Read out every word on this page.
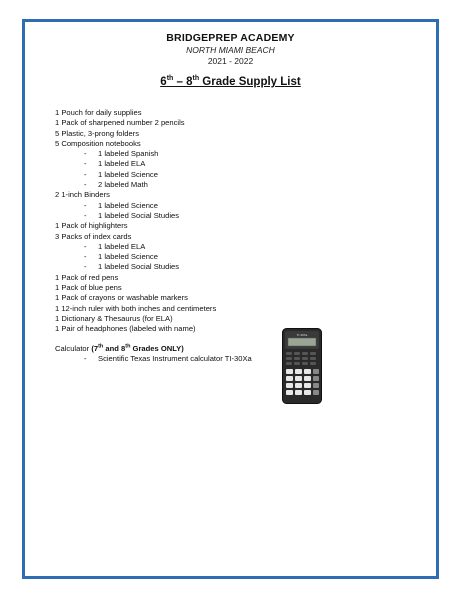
BRIDGEPREP ACADEMY
NORTH MIAMI BEACH
2021 - 2022
6th – 8th Grade Supply List
1 Pouch for daily supplies
1 Pack of sharpened number 2 pencils
5 Plastic, 3-prong folders
5 Composition notebooks
- 1 labeled Spanish
- 1 labeled ELA
- 1 labeled Science
- 2 labeled Math
2 1-inch Binders
- 1 labeled Science
- 1 labeled Social Studies
1 Pack of highlighters
3 Packs of index cards
- 1 labeled ELA
- 1 labeled Science
- 1 labeled Social Studies
1 Pack of red pens
1 Pack of blue pens
1 Pack of crayons or washable markers
1 12-inch ruler with both inches and centimeters
1 Dictionary & Thesaurus (for ELA)
1 Pair of headphones (labeled with name)
Calculator (7th and 8th Grades ONLY)
- Scientific Texas Instrument calculator TI-30Xa
TI-30Xa
